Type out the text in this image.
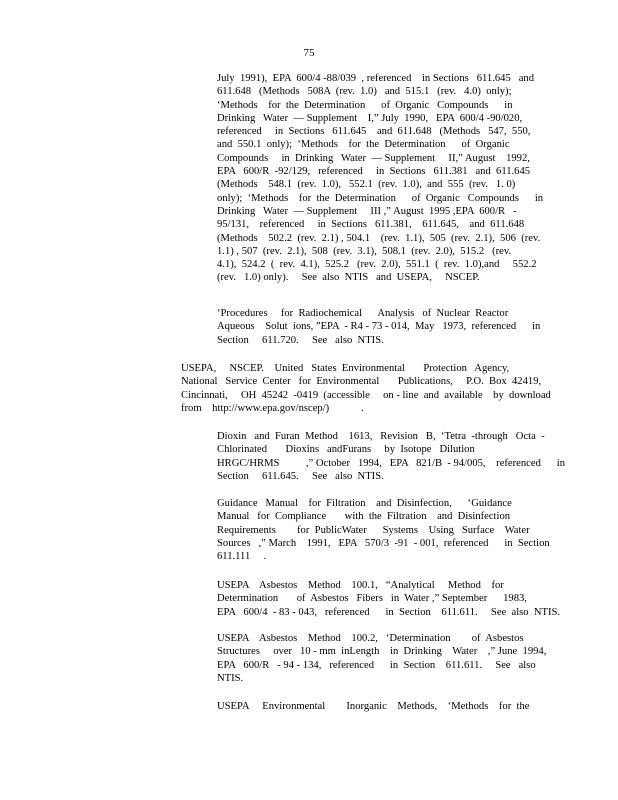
75
July  1991),  EPA  600/4 -88/039  , referenced    in Sections   611.645   and
611.648   (Methods   508A  (rev.  1.0)   and  515.1   (rev.   4.0)  only);
‘Methods    for  the  Determination      of  Organic   Compounds      in
Drinking   Water  — Supplement    I,” July  1990,   EPA  600/4 -90/020,
referenced     in  Sections   611.645    and  611.648   (Methods   547,  550,
and  550.1  only);  ‘Methods    for  the  Determination      of  Organic
Compounds     in  Drinking   Water  — Supplement     II,” August    1992,
EPA   600/R  -92/129,   referenced     in  Sections   611.381   and  611.645
(Methods    548.1  (rev.  1.0),   552.1  (rev.  1.0),  and  555  (rev.   1. 0)
only);  ‘Methods    for  the  Determination      of  Organic   Compounds      in
Drinking   Water  — Supplement     III ,” August  1995 ,EPA  600/R   -
95/131,    referenced     in  Sections   611.381,    611.645,    and  611.648
(Methods    502.2  (rev.  2.1) , 504.1    (rev.  1.1),  505  (rev.  2.1),  506  (rev.
1.1) , 507  (rev.  2.1),  508  (rev.  3.1),  508.1  (rev.  2.0),  515.2   (rev.
4.1),  524.2  (  rev.  4.1),  525.2   (rev.  2.0),  551.1  (  rev.  1.0),and     552.2
(rev.   1.0) only).     See  also  NTIS   and  USEPA,     NSCEP.
‘Procedures     for  Radiochemical      Analysis   of  Nuclear  Reactor
Aqueous    Solut  ions, ”EPA  - R4 - 73 - 014,  May   1973,  referenced      in
Section     611.720.     See   also  NTIS.
USEPA,     NSCEP.    United   States  Environmental       Protection   Agency,
National   Service  Center   for  Environmental       Publications,     P.O.  Box  42419,
Cincinnati,     OH  45242  -0419  (accessible     on - line  and  available    by  download
from    http://www.epa.gov/nscep/)            .
Dioxin   and  Furan  Method    1613,   Revision   B,  ‘Tetra  -through   Octa  -
Chlorinated       Dioxins   andFurans     by  Isotope   Dilution
HRGC/HRMS          ,” October   1994,   EPA   821/B  - 94/005,    referenced      in
Section     611.645.     See   also  NTIS.
Guidance   Manual    for  Filtration    and  Disinfection,      ‘Guidance
Manual   for  Compliance       with  the  Filtration    and  Disinfection
Requirements        for  PublicWater      Systems    Using   Surface    Water
Sources   ,” March    1991,   EPA   570/3  -91  - 001,  referenced      in  Section
611.111     .
USEPA    Asbestos    Method    100.1,   “Analytical     Method    for
Determination       of  Asbestos   Fibers   in  Water ,” September      1983,
EPA   600/4  - 83 - 043,   referenced      in  Section    611.611.     See  also  NTIS.
USEPA    Asbestos    Method    100.2,   ‘Determination        of  Asbestos
Structures     over   10 - mm  inLength    in  Drinking    Water    ,” June  1994,
EPA   600/R   - 94 - 134,   referenced      in  Section    611.611.     See   also
NTIS.
USEPA     Environmental        Inorganic    Methods,    ‘Methods    for  the
